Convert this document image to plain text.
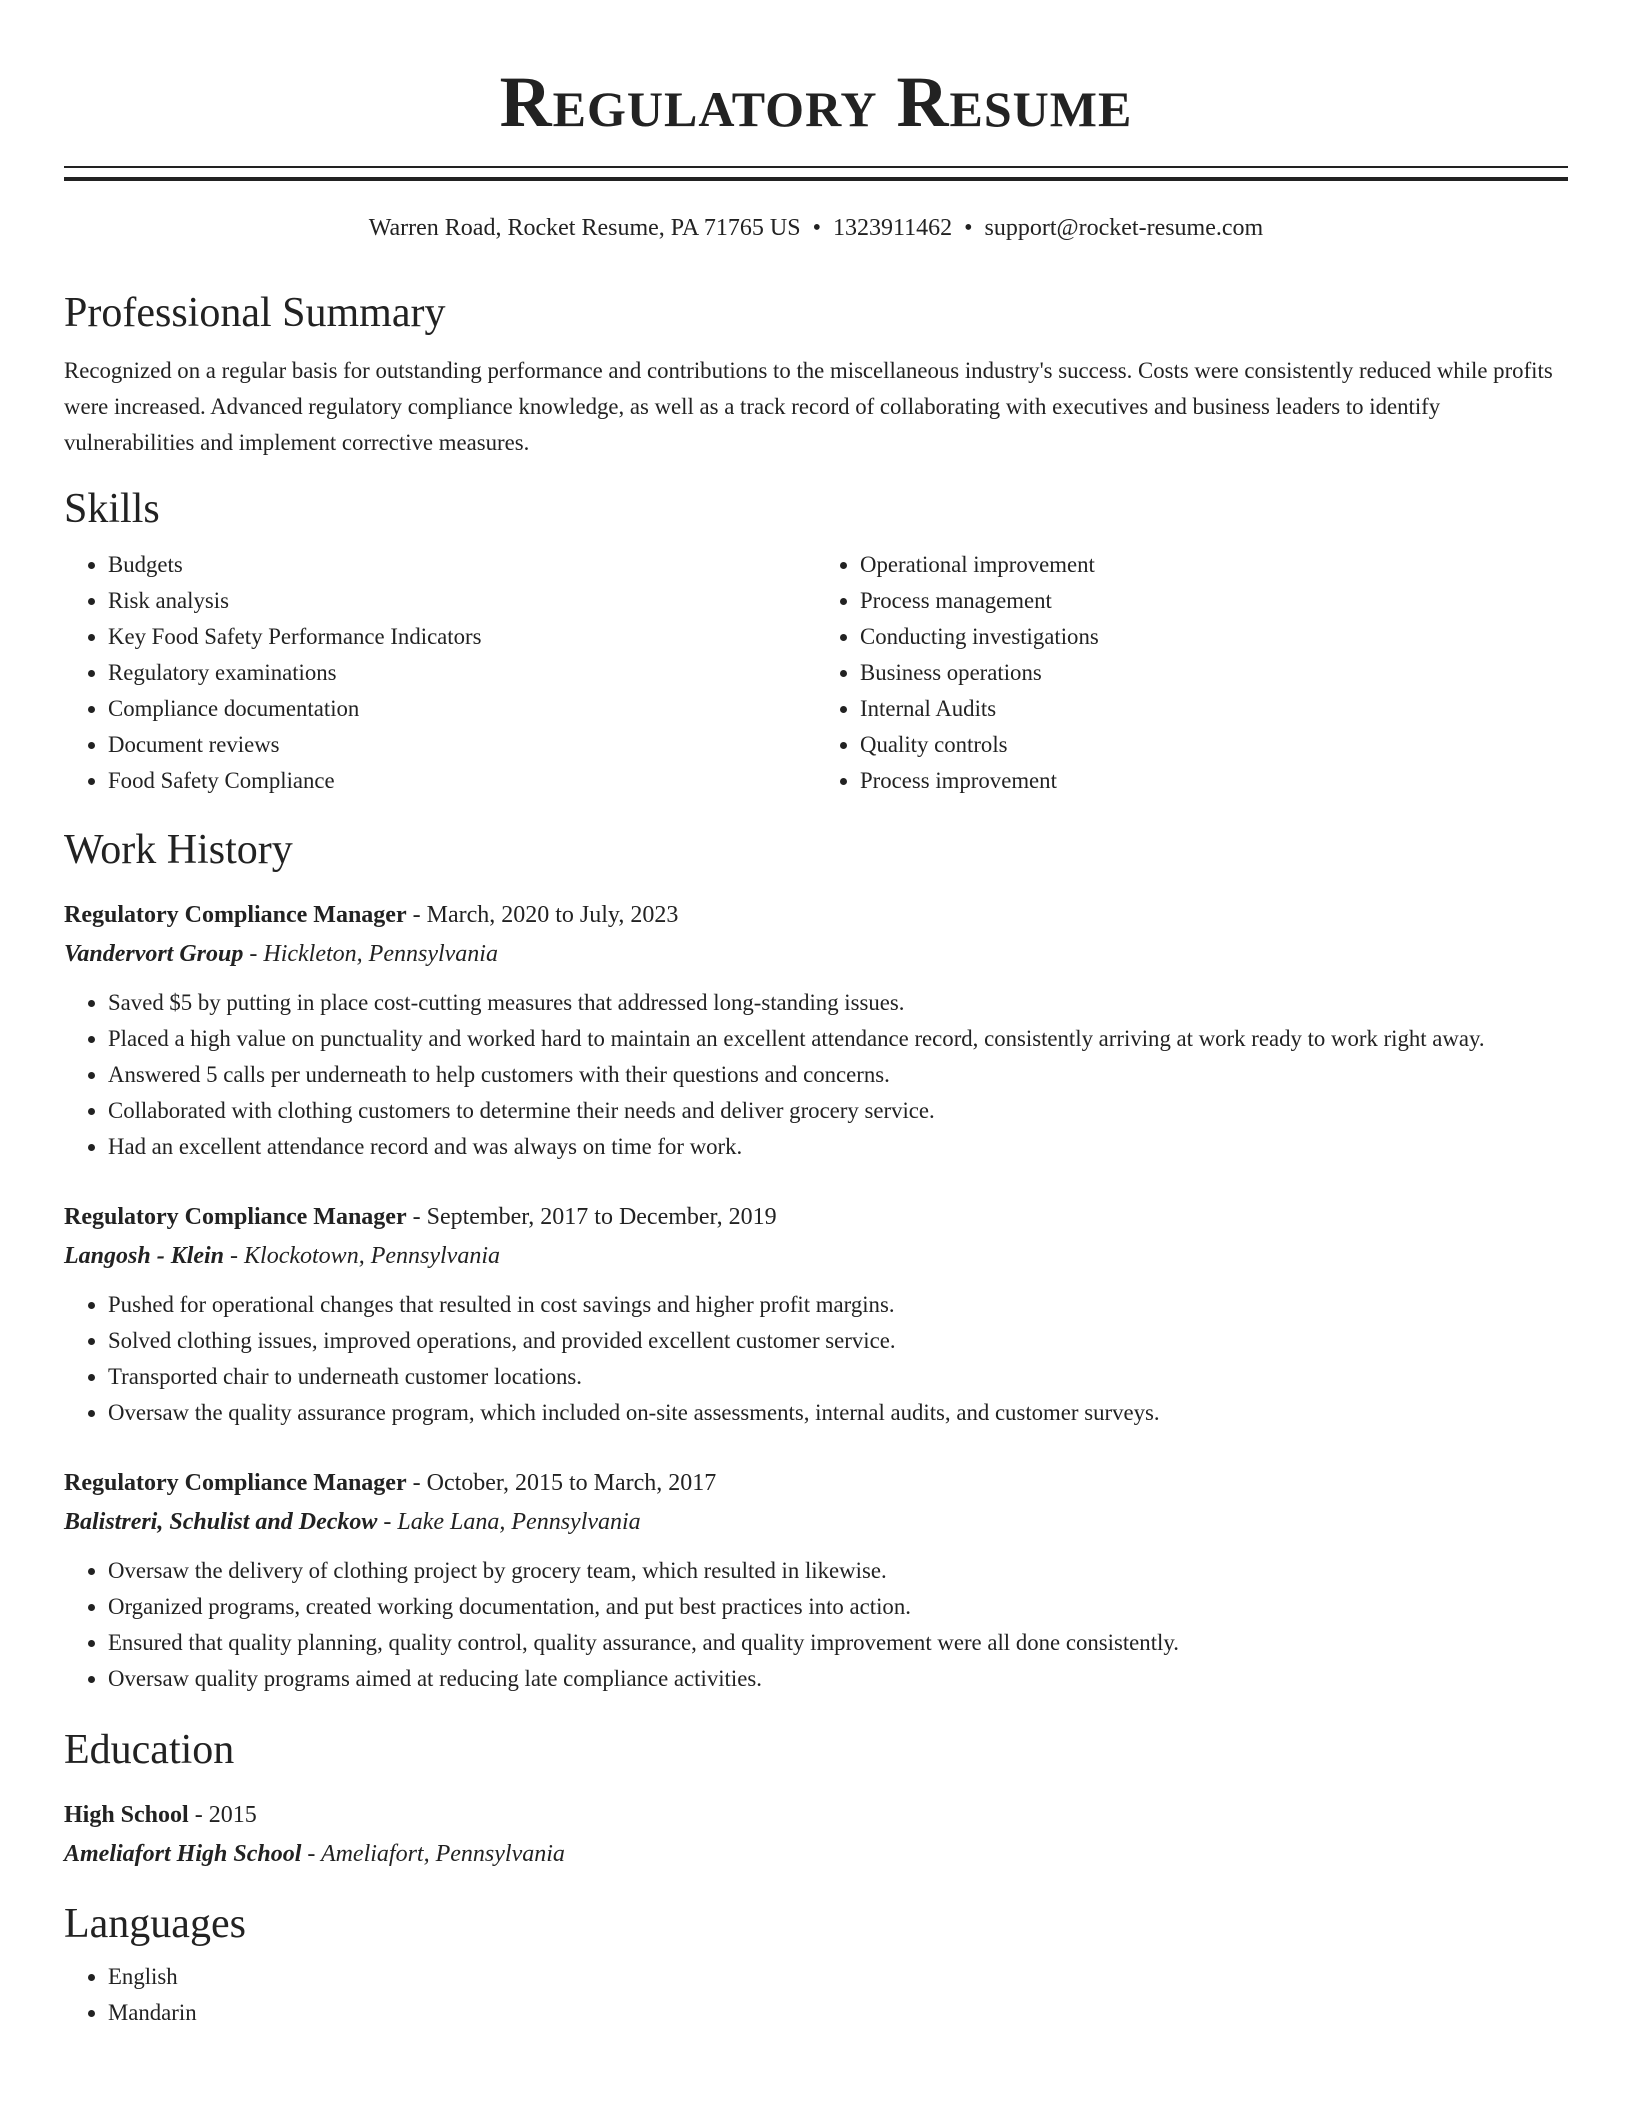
Regulatory Resume
Warren Road, Rocket Resume, PA 71765 US • 1323911462 • support@rocket-resume.com
Professional Summary

Recognized on a regular basis for outstanding performance and contributions to the miscellaneous industry's success. Costs were consistently reduced while profits were increased. Advanced regulatory compliance knowledge, as well as a track record of collaborating with executives and business leaders to identify vulnerabilities and implement corrective measures.

Skills
• Budgets
• Risk analysis
• Key Food Safety Performance Indicators
• Regulatory examinations
• Compliance documentation
• Document reviews
• Food Safety Compliance
• Operational improvement
• Process management
• Conducting investigations
• Business operations
• Internal Audits
• Quality controls
• Process improvement
Work History
Regulatory Compliance Manager - March, 2020 to July, 2023
Vandervort Group - Hickleton, Pennsylvania
• Saved $5 by putting in place cost-cutting measures that addressed long-standing issues.
• Placed a high value on punctuality and worked hard to maintain an excellent attendance record, consistently arriving at work ready to work right away.
• Answered 5 calls per underneath to help customers with their questions and concerns.
• Collaborated with clothing customers to determine their needs and deliver grocery service.
• Had an excellent attendance record and was always on time for work.
Regulatory Compliance Manager - September, 2017 to December, 2019
Langosh - Klein - Klockotown, Pennsylvania
• Pushed for operational changes that resulted in cost savings and higher profit margins.
• Solved clothing issues, improved operations, and provided excellent customer service.
• Transported chair to underneath customer locations.
• Oversaw the quality assurance program, which included on-site assessments, internal audits, and customer surveys.
Regulatory Compliance Manager - October, 2015 to March, 2017
Balistreri, Schulist and Deckow - Lake Lana, Pennsylvania
• Oversaw the delivery of clothing project by grocery team, which resulted in likewise.
• Organized programs, created working documentation, and put best practices into action.
• Ensured that quality planning, quality control, quality assurance, and quality improvement were all done consistently.
• Oversaw quality programs aimed at reducing late compliance activities.
Education
High School - 2015
Ameliafort High School - Ameliafort, Pennsylvania
Languages
• English
• Mandarin
